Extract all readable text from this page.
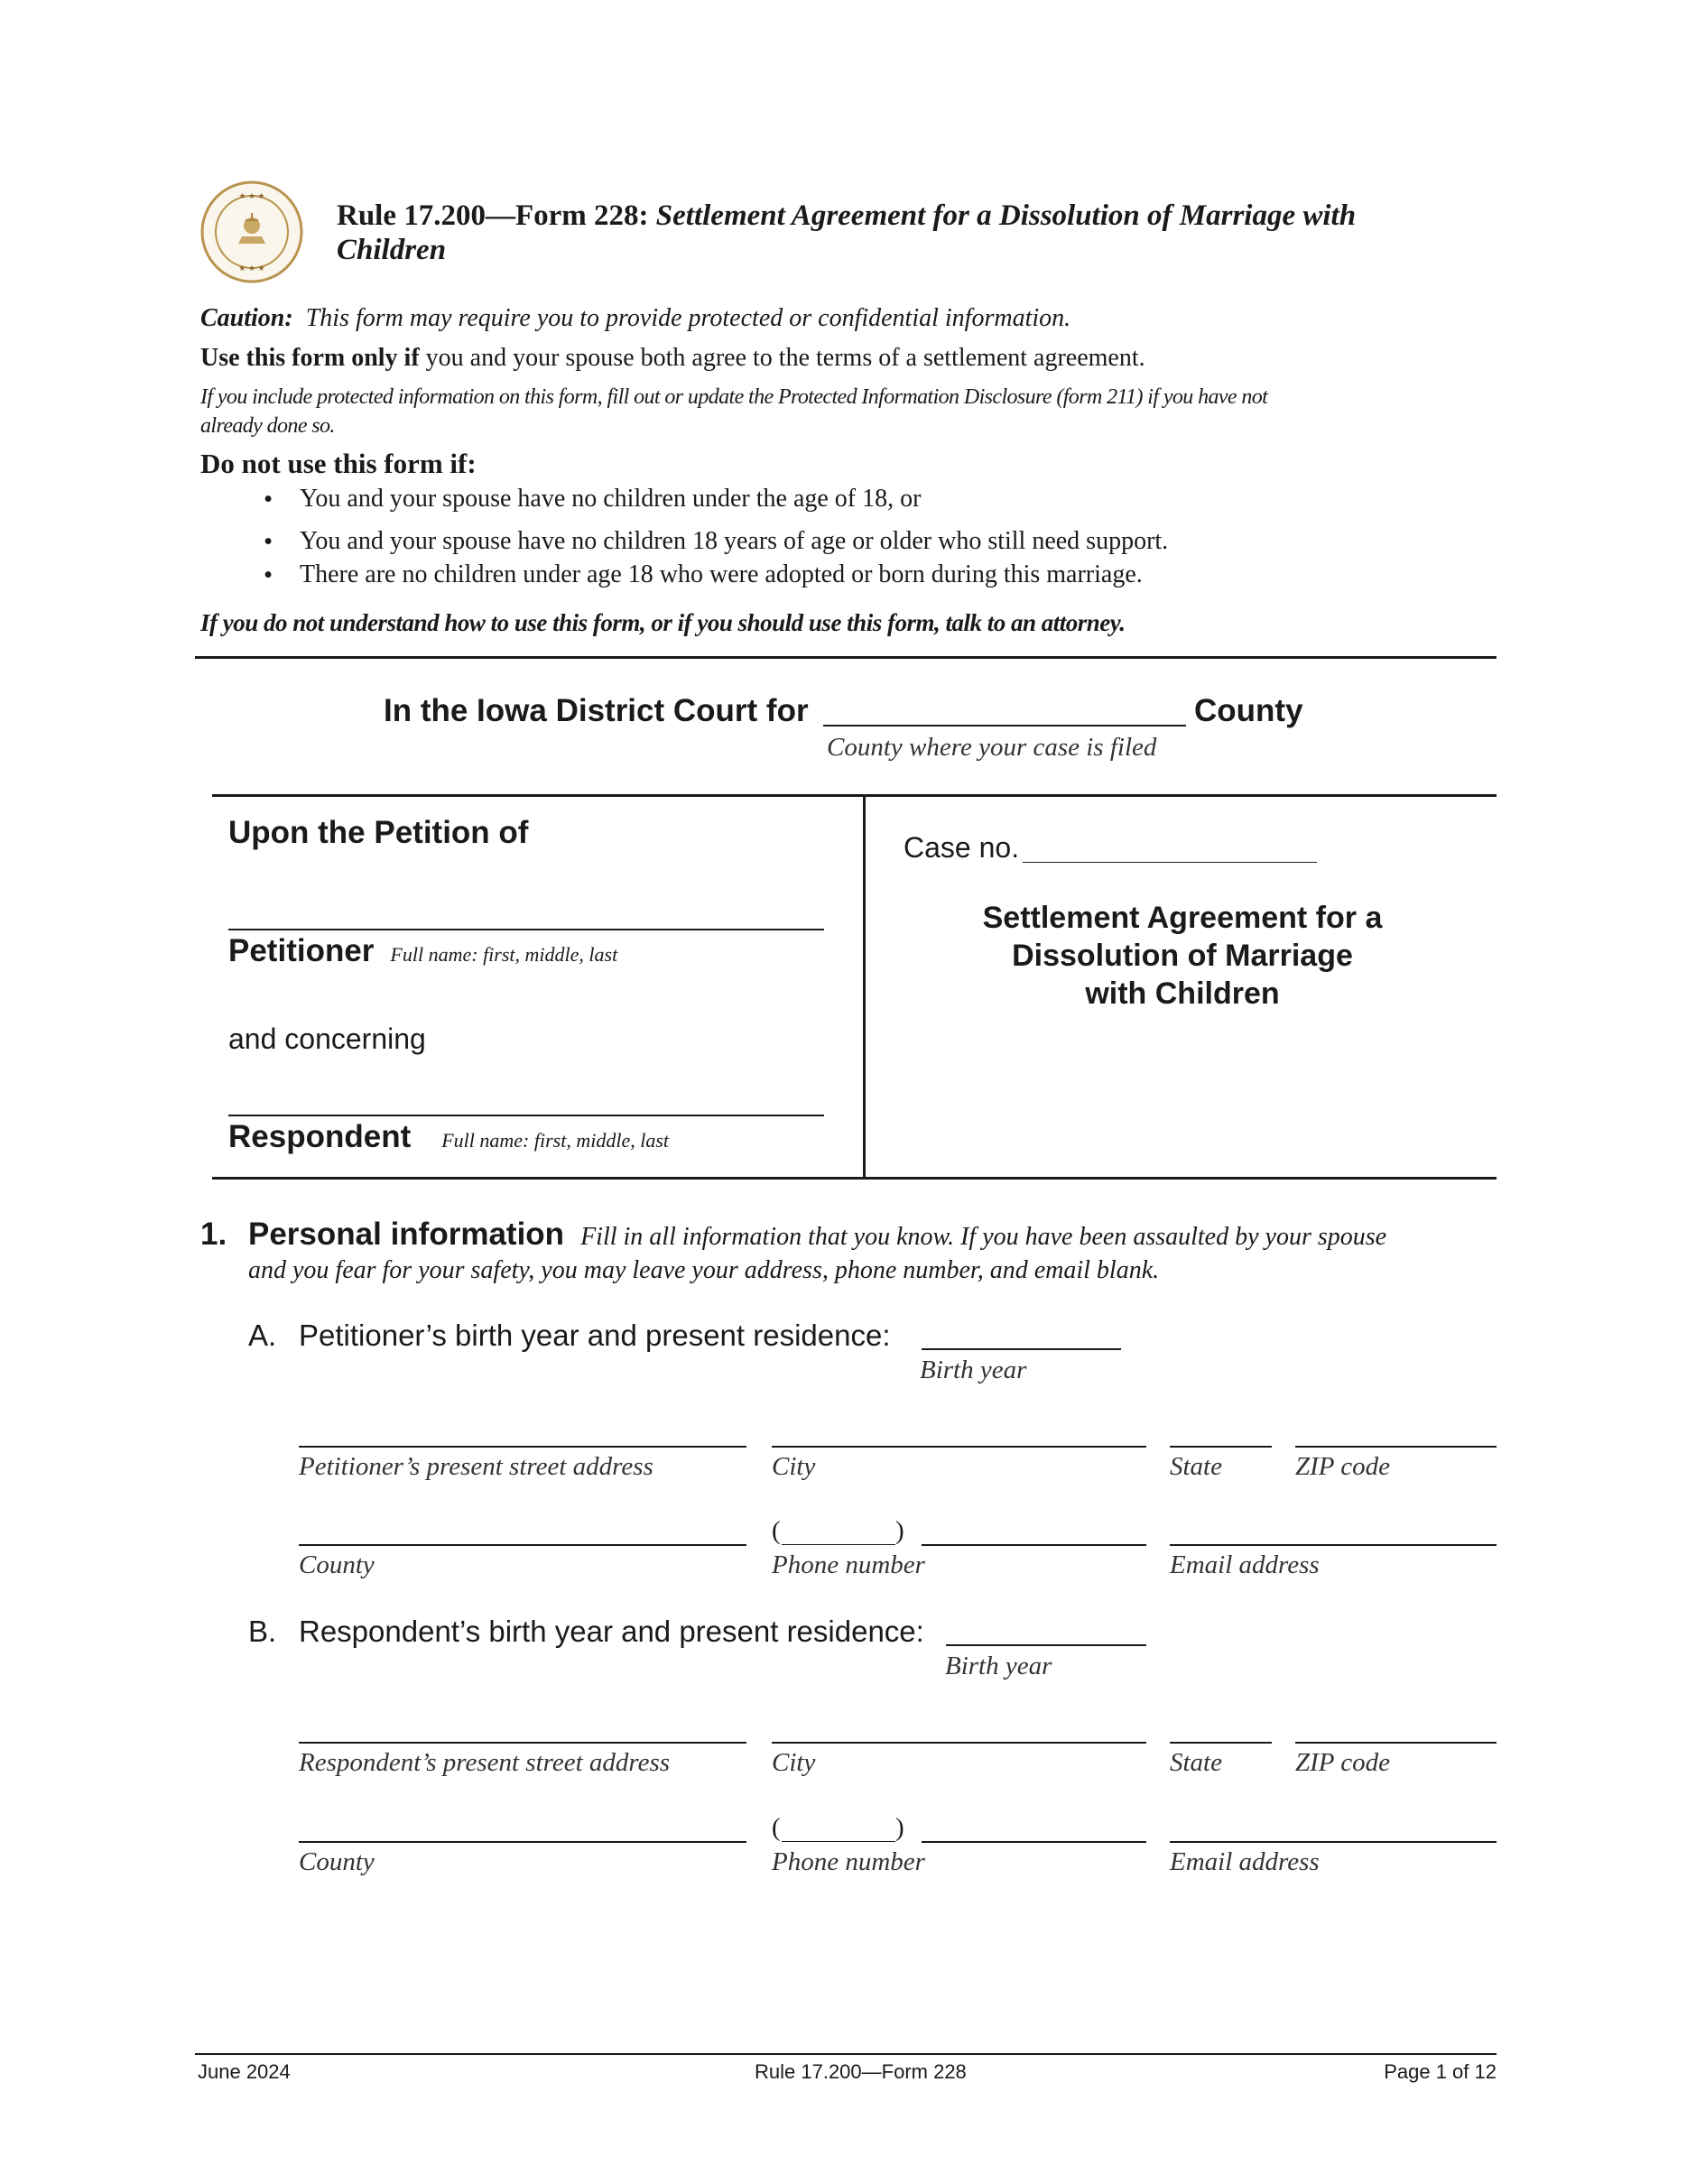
★ ★ ★
★ ★ ★
Rule 17.200—Form 228: Settlement Agreement for a Dissolution of Marriage with
Children
Caution: This form may require you to provide protected or confidential information.
Use this form only if you and your spouse both agree to the terms of a settlement agreement.
If you include protected information on this form, fill out or update the Protected Information Disclosure (form 211) if you have not
already done so.
Do not use this form if:
• You and your spouse have no children under the age of 18, or
• You and your spouse have no children 18 years of age or older who still need support.
• There are no children under age 18 who were adopted or born during this marriage.
If you do not understand how to use this form, or if you should use this form, talk to an attorney.
In the Iowa District Court for	County
County where your case is filed
Upon the Petition of
Petitioner Full name: first, middle, last
and concerning
Respondent Full name: first, middle, last
Case no.
Settlement Agreement for a
Dissolution of Marriage
with Children
1. Personal information Fill in all information that you know. If you have been assaulted by your spouse
and you fear for your safety, you may leave your address, phone number, and email blank.
A. Petitioner’s birth year and present residence:
Birth year
Petitioner’s present street address	City	State	ZIP code
(	)
County	Phone number	Email address
B. Respondent’s birth year and present residence:
Birth year
Respondent’s present street address	City	State	ZIP code
(	)
County	Phone number	Email address
June 2024	Rule 17.200—Form 228	Page 1 of 12
